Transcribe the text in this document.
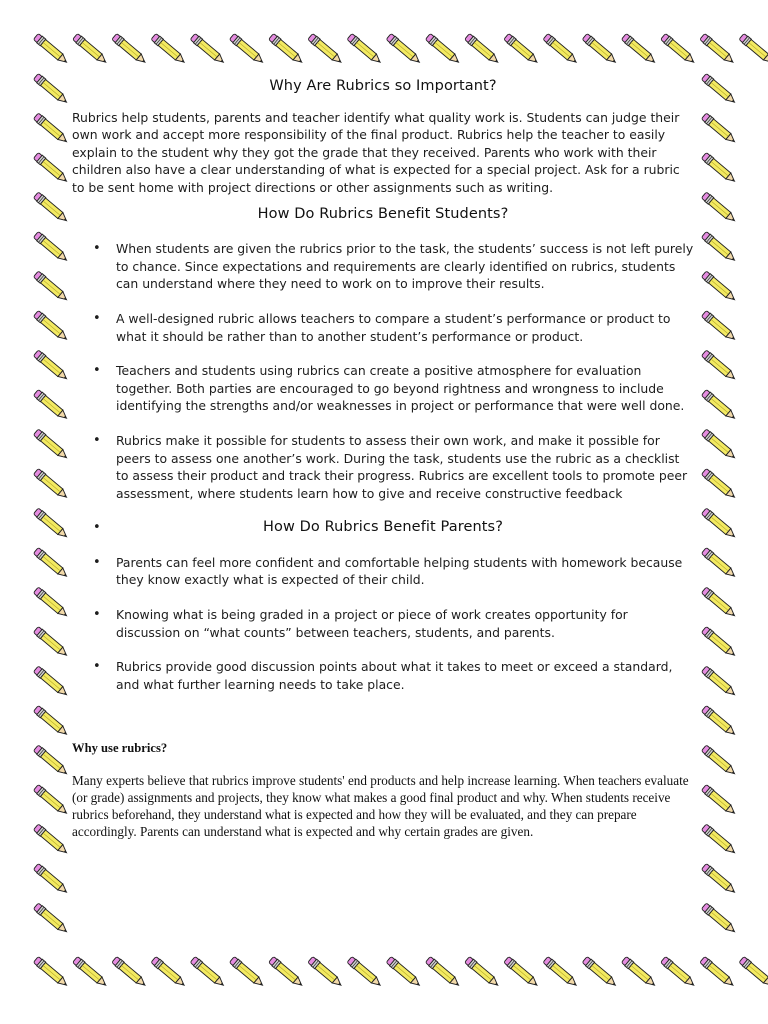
Why Are Rubrics so Important?

Rubrics help students, parents and teacher identify what quality work is. Students can judge their own work and accept more responsibility of the final product. Rubrics help the teacher to easily explain to the student why they got the grade that they received. Parents who work with their children also have a clear understanding of what is expected for a special project. Ask for a rubric to be sent home with project directions or other assignments such as writing.

How Do Rubrics Benefit Students?
• When students are given the rubrics prior to the task, the students’ success is not left purely to chance. Since expectations and requirements are clearly identified on rubrics, students can understand where they need to work on to improve their results.
• A well-designed rubric allows teachers to compare a student’s performance or product to what it should be rather than to another student’s performance or product.
• Teachers and students using rubrics can create a positive atmosphere for evaluation together. Both parties are encouraged to go beyond rightness and wrongness to include identifying the strengths and/or weaknesses in project or performance that were well done.
• Rubrics make it possible for students to assess their own work, and make it possible for peers to assess one another’s work. During the task, students use the rubric as a checklist to assess their product and track their progress. Rubrics are excellent tools to promote peer assessment, where students learn how to give and receive constructive feedback
How Do Rubrics Benefit Parents?
• Parents can feel more confident and comfortable helping students with homework because they know exactly what is expected of their child.
• Knowing what is being graded in a project or piece of work creates opportunity for discussion on “what counts” between teachers, students, and parents.
• Rubrics provide good discussion points about what it takes to meet or exceed a standard, and what further learning needs to take place.
Why use rubrics?

Many experts believe that rubrics improve students' end products and help increase learning. When teachers evaluate (or grade) assignments and projects, they know what makes a good final product and why. When students receive rubrics beforehand, they understand what is expected and how they will be evaluated, and they can prepare accordingly. Parents can understand what is expected and why certain grades are given.
